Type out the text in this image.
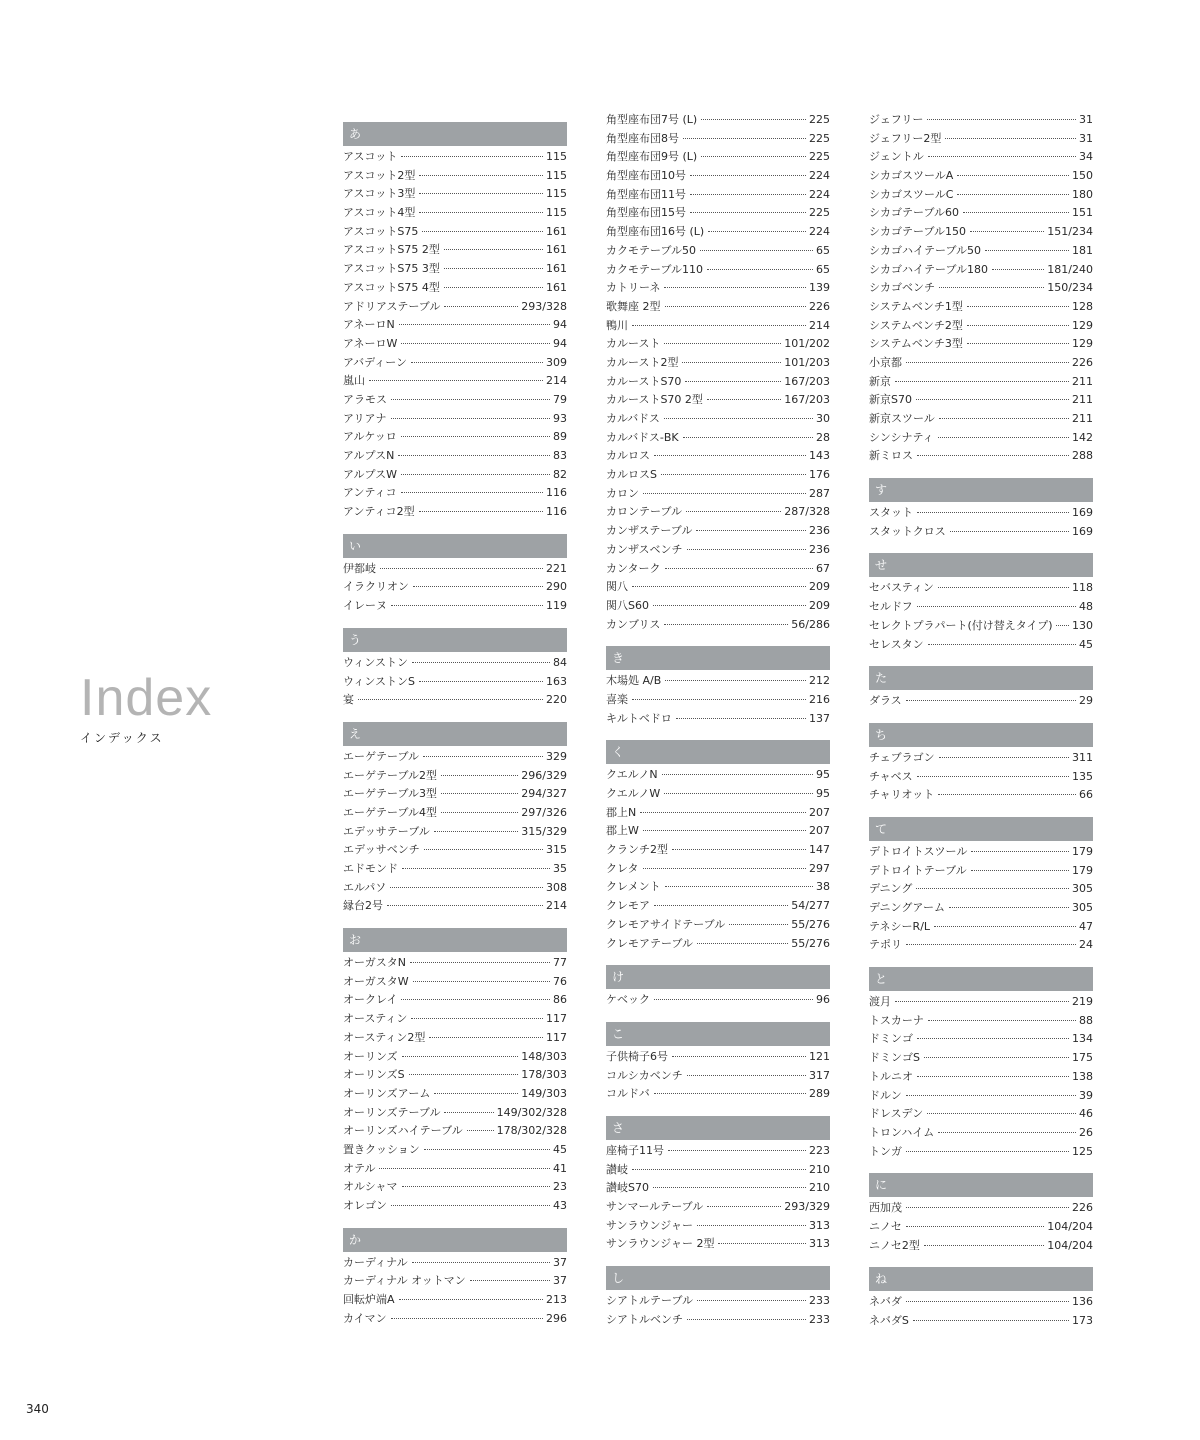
Index
インデックス
あ
アスコット	115
アスコット2型	115
アスコット3型	115
アスコット4型	115
アスコットS75	161
アスコットS75 2型	161
アスコットS75 3型	161
アスコットS75 4型	161
アドリアステーブル	293/328
アネーロN	94
アネーロW	94
アバディーン	309
嵐山	214
アラモス	79
アリアナ	93
アルケッロ	89
アルプスN	83
アルプスW	82
アンティコ	116
アンティコ2型	116
い
伊都岐	221
イラクリオン	290
イレーヌ	119
う
ウィンストン	84
ウィンストンS	163
宴	220
え
エーゲテーブル	329
エーゲテーブル2型	296/329
エーゲテーブル3型	294/327
エーゲテーブル4型	297/326
エデッサテーブル	315/329
エデッサベンチ	315
エドモンド	35
エルパソ	308
縁台2号	214
お
オーガスタN	77
オーガスタW	76
オークレイ	86
オースティン	117
オースティン2型	117
オーリンズ	148/303
オーリンズS	178/303
オーリンズアーム	149/303
オーリンズテーブル	149/302/328
オーリンズハイテーブル	178/302/328
置きクッション	45
オテル	41
オルシャマ	23
オレゴン	43
か
カーディナル	37
カーディナル オットマン	37
回転炉端A	213
カイマン	296
角型座布団7号 (L)	225
角型座布団8号	225
角型座布団9号 (L)	225
角型座布団10号	224
角型座布団11号	224
角型座布団15号	225
角型座布団16号 (L)	224
カクモテーブル50	65
カクモテーブル110	65
カトリーネ	139
歌舞座 2型	226
鴨川	214
カルースト	101/202
カルースト2型	101/203
カルーストS70	167/203
カルーストS70 2型	167/203
カルバドス	30
カルバドス-BK	28
カルロス	143
カルロスS	176
カロン	287
カロンテーブル	287/328
カンザステーブル	236
カンザスベンチ	236
カンターク	67
関八	209
関八S60	209
カンブリス	56/286
き
木場処 A/B	212
喜楽	216
キルトベドロ	137
く
クエルノN	95
クエルノW	95
郡上N	207
郡上W	207
クランチ2型	147
クレタ	297
クレメント	38
クレモア	54/277
クレモアサイドテーブル	55/276
クレモアテーブル	55/276
け
ケベック	96
こ
子供椅子6号	121
コルシカベンチ	317
コルドバ	289
さ
座椅子11号	223
讃岐	210
讃岐S70	210
サンマールテーブル	293/329
サンラウンジャー	313
サンラウンジャー 2型	313
し
シアトルテーブル	233
シアトルベンチ	233
ジェフリー	31
ジェフリー2型	31
ジェントル	34
シカゴスツールA	150
シカゴスツールC	180
シカゴテーブル60	151
シカゴテーブル150	151/234
シカゴハイテーブル50	181
シカゴハイテーブル180	181/240
シカゴベンチ	150/234
システムベンチ1型	128
システムベンチ2型	129
システムベンチ3型	129
小京都	226
新京	211
新京S70	211
新京スツール	211
シンシナティ	142
新ミロス	288
す
スタット	169
スタットクロス	169
せ
セバスティン	118
セルドフ	48
セレクトプラパート(付け替えタイプ) 130
セレスタン	45
た
ダラス	29
ち
チェブラゴン	311
チャベス	135
チャリオット	66
て
デトロイトスツール	179
デトロイトテーブル	179
デニング	305
デニングアーム	305
テネシーR/L	47
テポリ	24
と
渡月	219
トスカーナ	88
ドミンゴ	134
ドミンゴS	175
トルニオ	138
ドルン	39
ドレスデン	46
トロンハイム	26
トンガ	125
に
西加茂	226
ニノセ	104/204
ニノセ2型	104/204
ね
ネバダ	136
ネバダS	173
340
